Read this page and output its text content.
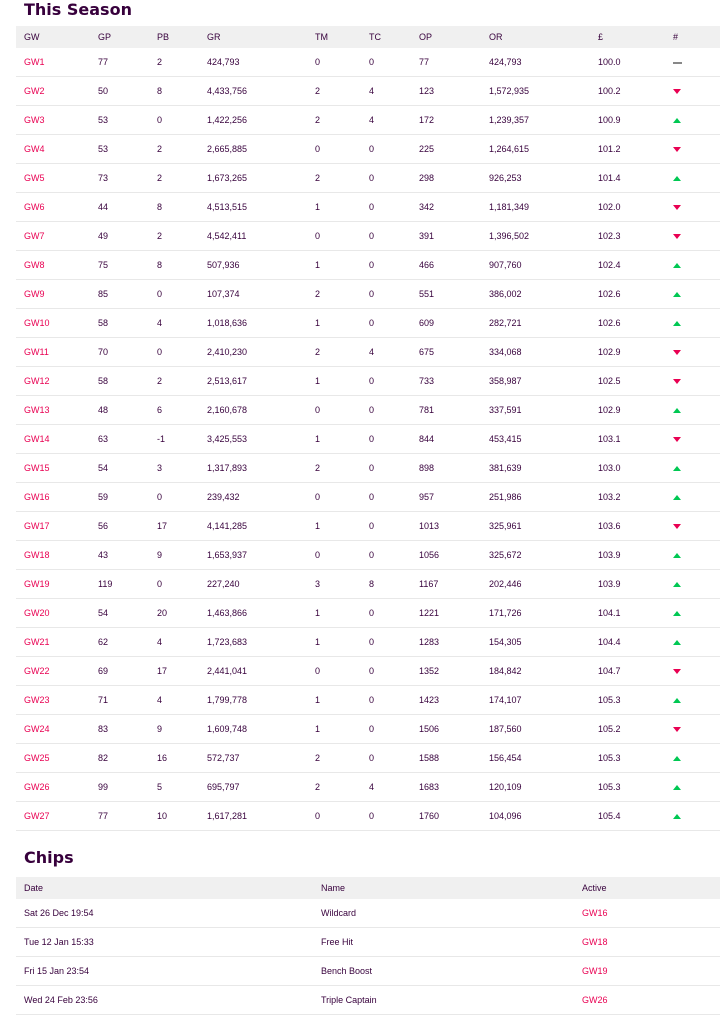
This Season
GW	GP	PB	GR	TM	TC	OP	OR	£	#
GW1	77	2	424,793	0	0	77	424,793	100.0	
GW2	50	8	4,433,756	2	4	123	1,572,935	100.2	
GW3	53	0	1,422,256	2	4	172	1,239,357	100.9	
GW4	53	2	2,665,885	0	0	225	1,264,615	101.2	
GW5	73	2	1,673,265	2	0	298	926,253	101.4	
GW6	44	8	4,513,515	1	0	342	1,181,349	102.0	
GW7	49	2	4,542,411	0	0	391	1,396,502	102.3	
GW8	75	8	507,936	1	0	466	907,760	102.4	
GW9	85	0	107,374	2	0	551	386,002	102.6	
GW10	58	4	1,018,636	1	0	609	282,721	102.6	
GW11	70	0	2,410,230	2	4	675	334,068	102.9	
GW12	58	2	2,513,617	1	0	733	358,987	102.5	
GW13	48	6	2,160,678	0	0	781	337,591	102.9	
GW14	63	-1	3,425,553	1	0	844	453,415	103.1	
GW15	54	3	1,317,893	2	0	898	381,639	103.0	
GW16	59	0	239,432	0	0	957	251,986	103.2	
GW17	56	17	4,141,285	1	0	1013	325,961	103.6	
GW18	43	9	1,653,937	0	0	1056	325,672	103.9	
GW19	119	0	227,240	3	8	1167	202,446	103.9	
GW20	54	20	1,463,866	1	0	1221	171,726	104.1	
GW21	62	4	1,723,683	1	0	1283	154,305	104.4	
GW22	69	17	2,441,041	0	0	1352	184,842	104.7	
GW23	71	4	1,799,778	1	0	1423	174,107	105.3	
GW24	83	9	1,609,748	1	0	1506	187,560	105.2	
GW25	82	16	572,737	2	0	1588	156,454	105.3	
GW26	99	5	695,797	2	4	1683	120,109	105.3	
GW27	77	10	1,617,281	0	0	1760	104,096	105.4	
Chips
Date	Name	Active
Sat 26 Dec 19:54	Wildcard	GW16
Tue 12 Jan 15:33	Free Hit	GW18
Fri 15 Jan 23:54	Bench Boost	GW19
Wed 24 Feb 23:56	Triple Captain	GW26
